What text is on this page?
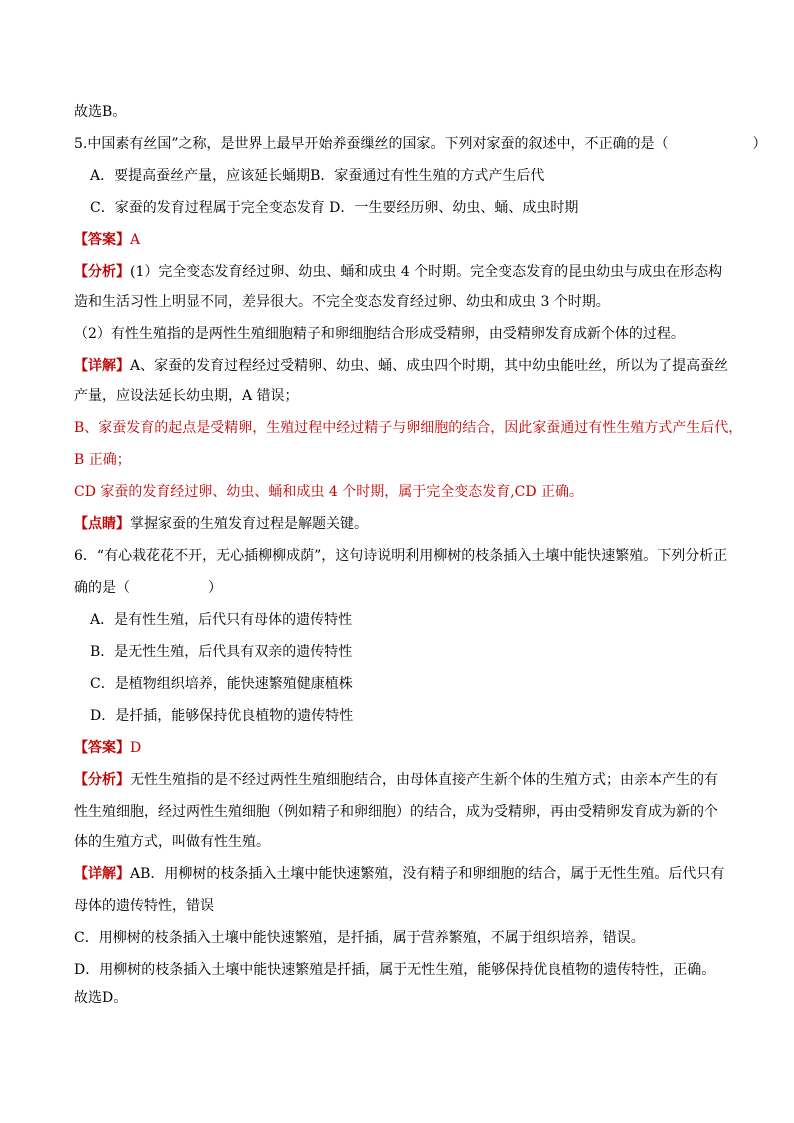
故选B。
5.中国素有丝国”之称，是世界上最早开始养蚕缫丝的国家。下列对家蚕的叙述中，不正确的是（	）
A．要提高蚕丝产量，应该延长蛹期B．家蚕通过有性生殖的方式产生后代
C．家蚕的发育过程属于完全变态发育 D．一生要经历卵、幼虫、蛹、成虫时期
【答案】A
【分析】(1）完全变态发育经过卵、幼虫、蛹和成虫 4 个时期。完全变态发育的昆虫幼虫与成虫在形态构
造和生活习性上明显不同，差异很大。不完全变态发育经过卵、幼虫和成虫 3 个时期。
（2）有性生殖指的是两性生殖细胞精子和卵细胞结合形成受精卵，由受精卵发育成新个体的过程。
【详解】A、家蚕的发育过程经过受精卵、幼虫、蛹、成虫四个时期，其中幼虫能吐丝，所以为了提高蚕丝
产量，应设法延长幼虫期，A 错误；
B、家蚕发育的起点是受精卵，生殖过程中经过精子与卵细胞的结合，因此家蚕通过有性生殖方式产生后代，
B 正确；
CD 家蚕的发育经过卵、幼虫、蛹和成虫 4 个时期，属于完全变态发育,CD 正确。
【点睛】掌握家蚕的生殖发育过程是解题关键。
6．“有心栽花花不开，无心插柳柳成荫”，这句诗说明利用柳树的枝条插入土壤中能快速繁殖。下列分析正
确的是（	）
A．是有性生殖，后代只有母体的遗传特性
B．是无性生殖，后代具有双亲的遗传特性
C．是植物组织培养，能快速繁殖健康植株
D．是扦插，能够保持优良植物的遗传特性
【答案】D
【分析】无性生殖指的是不经过两性生殖细胞结合，由母体直接产生新个体的生殖方式；由亲本产生的有
性生殖细胞，经过两性生殖细胞（例如精子和卵细胞）的结合，成为受精卵，再由受精卵发育成为新的个
体的生殖方式，叫做有性生殖。
【详解】AB．用柳树的枝条插入土壤中能快速繁殖，没有精子和卵细胞的结合，属于无性生殖。后代只有
母体的遗传特性，错误
C．用柳树的枝条插入土壤中能快速繁殖，是扦插，属于营养繁殖，不属于组织培养，错误。
D．用柳树的枝条插入土壤中能快速繁殖是扦插，属于无性生殖，能够保持优良植物的遗传特性，正确。
故选D。
